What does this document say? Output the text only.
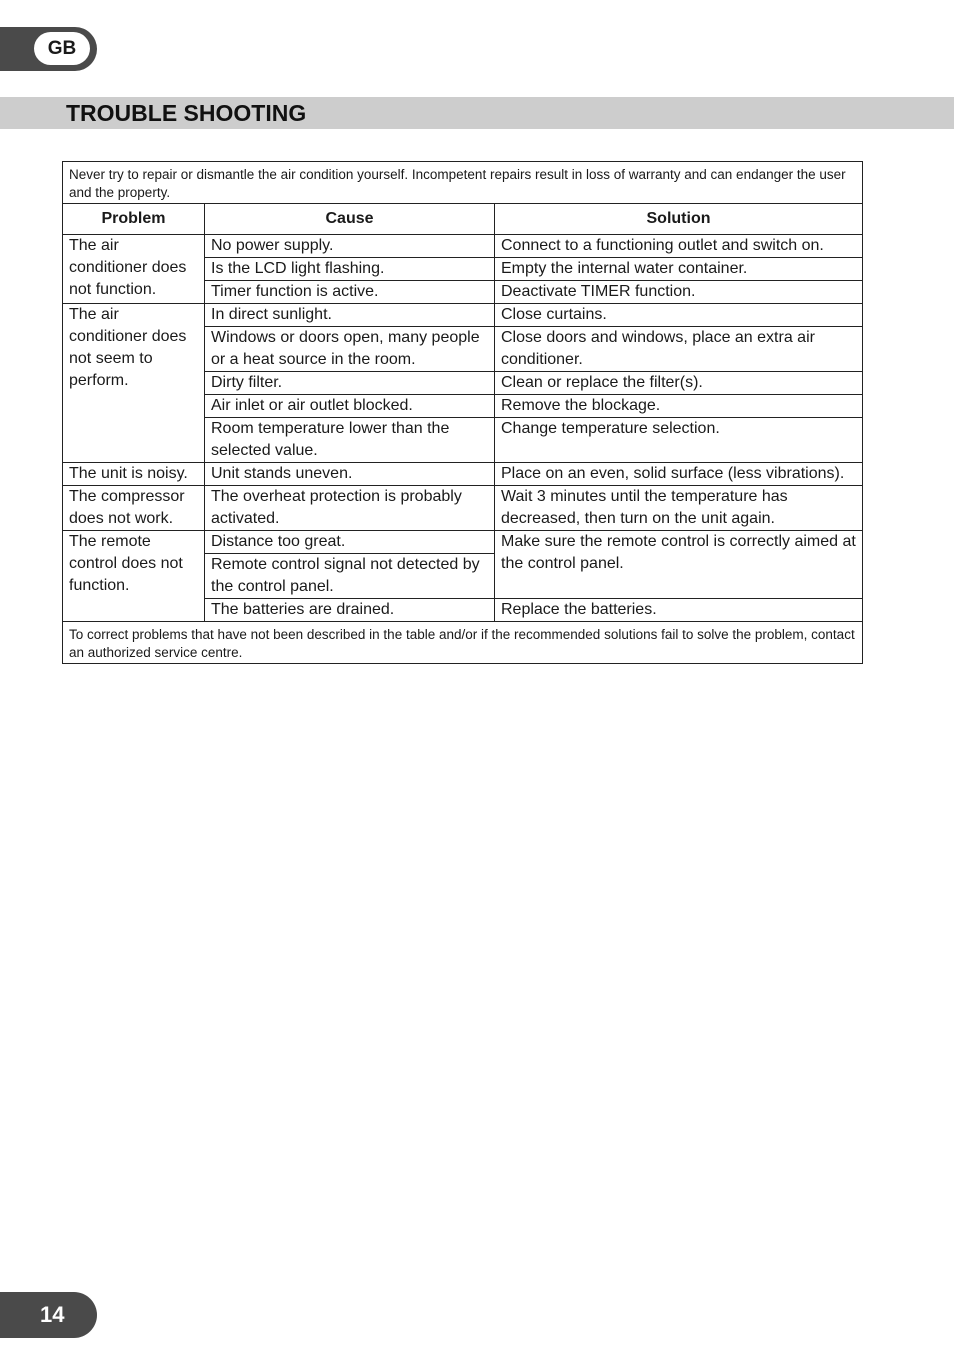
GB
TROUBLE SHOOTING
Never try to repair or dismantle the air condition yourself. Incompetent repairs result in loss of warranty and can endanger the user and the property.		
Problem	Cause	Solution
The air conditioner does not function.	No power supply.	Connect to a functioning outlet and switch on.
	Is the LCD light flashing.	Empty the internal water container.
	Timer function is active.	Deactivate TIMER function.
The air conditioner does not seem to perform.	In direct sunlight.	Close curtains.
	Windows or doors open, many people or a heat source in the room.	Close doors and windows, place an extra air conditioner.
	Dirty filter.	Clean or replace the filter(s).
	Air inlet or air outlet blocked.	Remove the blockage.
	Room temperature lower than the selected value.	Change temperature selection.
The unit is noisy.	Unit stands uneven.	Place on an even, solid surface (less vibrations).
The compressor does not work.	The overheat protection is probably activated.	Wait 3 minutes until the temperature has decreased, then turn on the unit again.
The remote control does not function.	Distance too great.	Make sure the remote control is correctly aimed at the control panel.
	Remote control signal not detected by the control panel.	
	The batteries are drained.	Replace the batteries.
To correct problems that have not been described in the table and/or if the recommended solutions fail to solve the problem, contact an authorized service centre.		
14
